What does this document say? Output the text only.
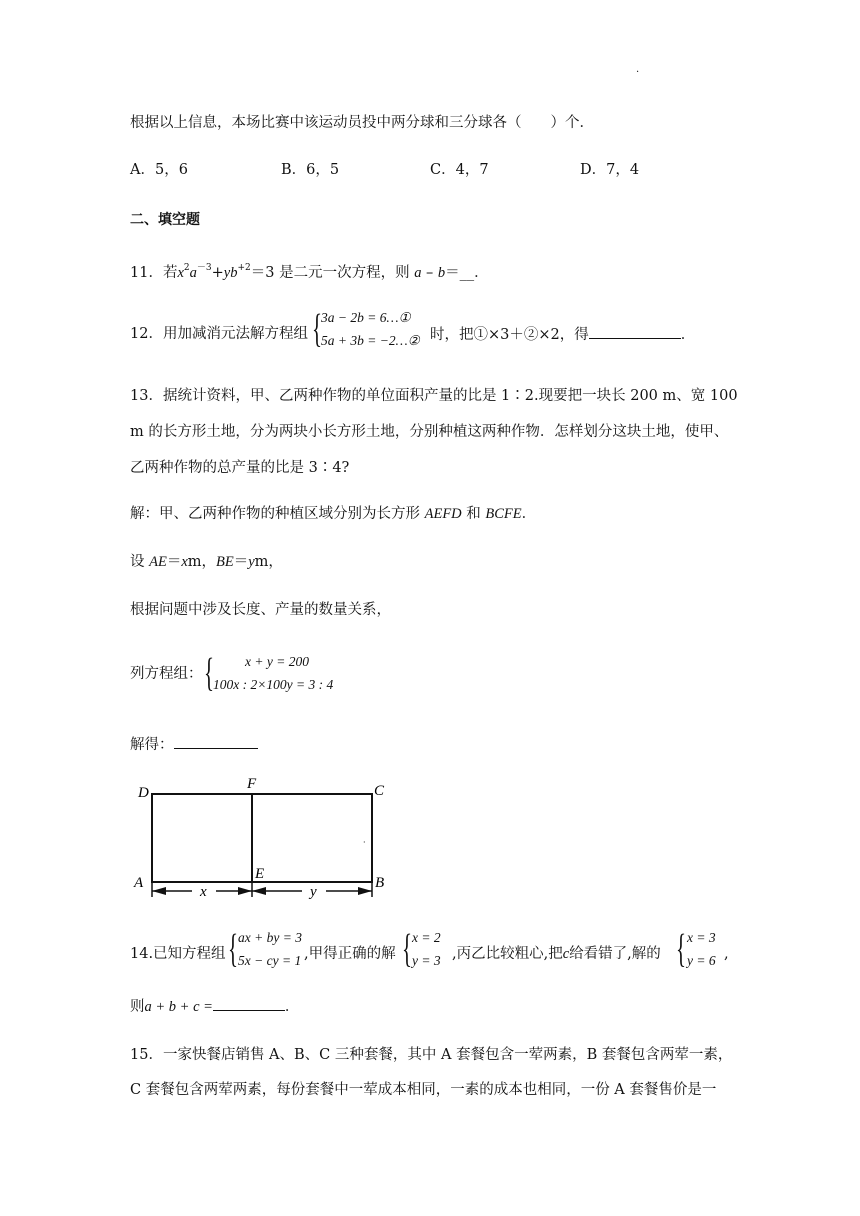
.
根据以上信息，本场比赛中该运动员投中两分球和三分球各（　　）个．
A．5，6	B．6，5	C．4，7	D．7，4
二、填空题
11．若$x^2a^{-3}+yb^{+2}=3$ 是二元一次方程，则 a – b＝__．
12．用加减消元法解方程组 {
3a − 2b = 6…①
5a + 3b = −2…② 时，把①×3＋②×2，得	．
13．据统计资料，甲、乙两种作物的单位面积产量的比是 1∶2.现要把一块长 200 m、宽 100
m 的长方形土地，分为两块小长方形土地，分别种植这两种作物．怎样划分这块土地，使甲、
乙两种作物的总产量的比是 3∶4?
解：甲、乙两种作物的种植区域分别为长方形 AEFD 和 BCFE．
设 AE＝xm，BE＝ym，
根据问题中涉及长度、产量的数量关系，
列方程组： { x + y = 200
100x : 2×100y = 3 : 4
解得：
D
F	C
A
E
B
x	y
·
14.已知方程组 { ax + by = 3
5x − cy = 1 ,甲得正确的解 { x = 2
y = 3 ,丙乙比较粗心,把c给看错了,解的 { x = 3
y = 6 ,
则a + b + c =	．
15．一家快餐店销售 A、B、C 三种套餐，其中 A 套餐包含一荤两素，B 套餐包含两荤一素，
C 套餐包含两荤两素，每份套餐中一荤成本相同，一素的成本也相同，一份 A 套餐售价是一
